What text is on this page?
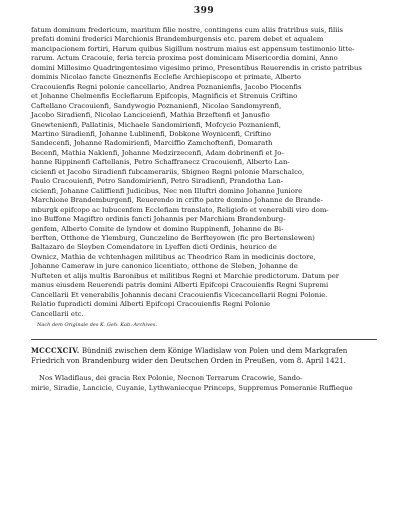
399

fatum dominum fredericum, maritum filie nostre, contingens cum aliis fratribus suis, filiis
prefati domini frederici Marchionis Brandemburgensis etc. parem debet et aqualem
mancipacionem fortiri, Harum quibus Sigillum nostrum maius est appensum testimonio litte-
rarum. Actum Cracouie, feria tercia proxima post dominicam Misericordia domini, Anno
domini Millesimo Quadringentesimo vigesimo primo, Presentibus Reuerendis in cristo patribus
dominis Nicolao fancte Gneznenfis Ecclefie Archiepiscopo et primate, Alberto
Cracouienfis Regni polonie cancellario, Andrea Poznanienfis, Jacobo Plocenfis
et Johanne Chelmenfis Ecclefiarum Epifcopis, Magnificis et Strenuis Criftino
Caftellano Cracouienfi, Sandywogio Poznanienfi, Nicolao Sandomyrenfi,
Jacobo Siradienfi, Nicolao Lanciceienfi, Mathia Brzeftenfi et Janusfio
Gnewtenienfi, Pallatinis, Michaele Sandomirienfi, Mofcycio Poznanienfi,
Martino Siradienfi, Johanne Lublinenfi, Dobkone Woynicenfi, Criftino
Sandecenfi, Johanne Radomirienfi, Marciffio Zamchoftenfi, Domarath
Becenfi, Mathia Naklenfi, Johanne Medzirzecenfi, Adam dobrinenfi et Jo-
hanne Rippinenfi Caftellanis, Petro Schaffranecz Cracouienfi, Alberto Lan-
cicienfi et Jacobo Siradienfi fubcamerariis, Sbigneo Regni polonie Marschalco,
Paulo Cracouienfi, Petro Sandomirienfi, Petro Siradienfi, Prandotha Lan-
cicienfi, Johanne Califfienfi Judicibus, Nec non Illuftri domino Johanne Juniore
Marchione Brandemburgenfi, Reuerendo in crifto patre domino Johanne de Brande-
mburgk epifcopo ac lubucenfem Ecclefiam translato, Religiofo et venerabili viro dom-
ino Buffone Magiftro ordinis fancti Johannis per Marchiam Brandenburg-
genfem, Alberto Comite de lyndow et domino Ruppinenfi, Johanne de Bi-
berften, Otthone de Ylemburg, Gunczelino de Berfteyowen (fic pro Bertenslewen)
Baltazaro de Sleyben Comendatore in Lyeffen dicti Ordinis, heurico de
Ownicz, Mathia de vchtenhagen militibus ac Theodrico Ram in medicinis doctore,
Johanne Cameraw in jure canonico licentiato, otthone de Sleben, Johanne de
Nufteten et alijs multis Baronibus et militibus Regni et Marchie predictorum. Datum per
manus eiusdem Reuerendi patris domini Alberti Epifcopi Cracouienfis Regni Supremi
Cancellarii Et venerabilis Johannis decani Cracouienfis Vicecancellarii Regni Polonie.
Relatio fupradicti domini Alberti Epifcopi Cracouienfis Regni Polonie
Cancellarii etc.

Nach dem Originale des K. Geh. Kab.-Archives.

MCCCXCIV. Bündniß zwischen dem Könige Wladislaw von Polen und dem Markgrafen
Friedrich von Brandenburg wider den Deutschen Orden in Preußen, vom 8. April 1421.

Nos Wladiflaus, dei gracia Rex Polonie, Necnon Terrarum Cracowie, Sando-
mirie, Siradie, Lancicie, Cuyanie, Lythwaniecque Princeps, Suppremus Pomeranie Ruffieque
